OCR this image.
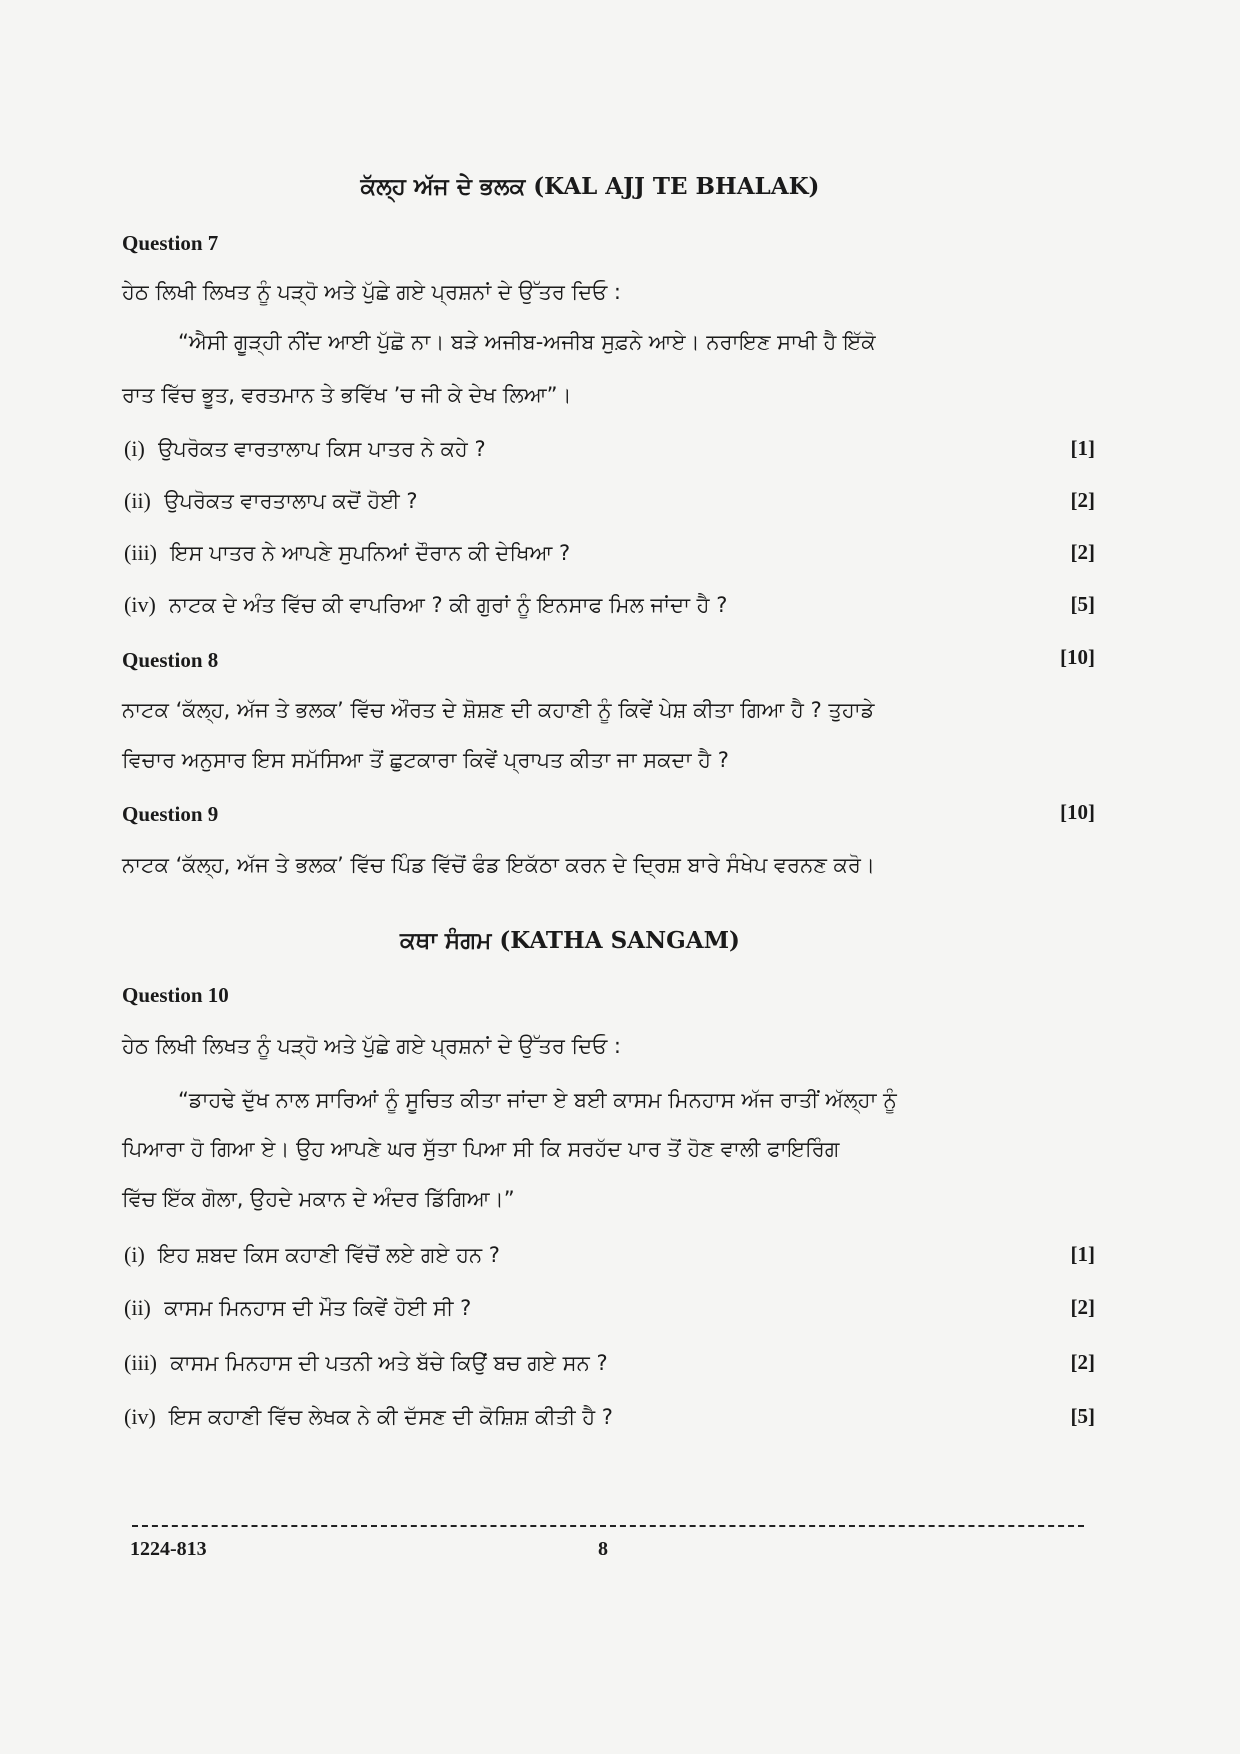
ਕੱਲ੍ਹ ਅੱਜ ਦੇ ਭਲਕ (KAL AJJ TE BHALAK)
Question 7
ਹੇਠ ਲਿਖੀ ਲਿਖਤ ਨੂੰ ਪੜ੍ਹੋ ਅਤੇ ਪੁੱਛੇ ਗਏ ਪ੍ਰਸ਼ਨਾਂ ਦੇ ਉੱਤਰ ਦਿਓ :
“ਐਸੀ ਗੂੜ੍ਹੀ ਨੀਂਦ ਆਈ ਪੁੱਛੋ ਨਾ। ਬੜੇ ਅਜੀਬ-ਅਜੀਬ ਸੁਫ਼ਨੇ ਆਏ। ਨਰਾਇਣ ਸਾਖੀ ਹੈ ਇੱਕੋ
ਰਾਤ ਵਿੱਚ ਭੂਤ, ਵਰਤਮਾਨ ਤੇ ਭਵਿੱਖ ’ਚ ਜੀ ਕੇ ਦੇਖ ਲਿਆ”।
(i) ਉਪਰੋਕਤ ਵਾਰਤਾਲਾਪ ਕਿਸ ਪਾਤਰ ਨੇ ਕਹੇ ?	[1]
(ii) ਉਪਰੋਕਤ ਵਾਰਤਾਲਾਪ ਕਦੋਂ ਹੋਈ ?	[2]
(iii) ਇਸ ਪਾਤਰ ਨੇ ਆਪਣੇ ਸੁਪਨਿਆਂ ਦੌਰਾਨ ਕੀ ਦੇਖਿਆ ?	[2]
(iv) ਨਾਟਕ ਦੇ ਅੰਤ ਵਿੱਚ ਕੀ ਵਾਪਰਿਆ ? ਕੀ ਗੁਰਾਂ ਨੂੰ ਇਨਸਾਫ ਮਿਲ ਜਾਂਦਾ ਹੈ ?	[5]
Question 8	[10]
ਨਾਟਕ ‘ਕੱਲ੍ਹ, ਅੱਜ ਤੇ ਭਲਕ’ ਵਿੱਚ ਔਰਤ ਦੇ ਸ਼ੋਸ਼ਣ ਦੀ ਕਹਾਣੀ ਨੂੰ ਕਿਵੇਂ ਪੇਸ਼ ਕੀਤਾ ਗਿਆ ਹੈ ? ਤੁਹਾਡੇ
ਵਿਚਾਰ ਅਨੁਸਾਰ ਇਸ ਸਮੱਸਿਆ ਤੋਂ ਛੁਟਕਾਰਾ ਕਿਵੇਂ ਪ੍ਰਾਪਤ ਕੀਤਾ ਜਾ ਸਕਦਾ ਹੈ ?
Question 9	[10]
ਨਾਟਕ ‘ਕੱਲ੍ਹ, ਅੱਜ ਤੇ ਭਲਕ’ ਵਿੱਚ ਪਿੰਡ ਵਿੱਚੋਂ ਫੰਡ ਇਕੱਠਾ ਕਰਨ ਦੇ ਦ੍ਰਿਸ਼ ਬਾਰੇ ਸੰਖੇਪ ਵਰਨਣ ਕਰੋ।
ਕਥਾ ਸੰਗਮ (KATHA SANGAM)
Question 10
ਹੇਠ ਲਿਖੀ ਲਿਖਤ ਨੂੰ ਪੜ੍ਹੋ ਅਤੇ ਪੁੱਛੇ ਗਏ ਪ੍ਰਸ਼ਨਾਂ ਦੇ ਉੱਤਰ ਦਿਓ :
“ਡਾਹਢੇ ਦੁੱਖ ਨਾਲ ਸਾਰਿਆਂ ਨੂੰ ਸੂਚਿਤ ਕੀਤਾ ਜਾਂਦਾ ਏ ਬਈ ਕਾਸਮ ਮਿਨਹਾਸ ਅੱਜ ਰਾਤੀਂ ਅੱਲ੍ਹਾ ਨੂੰ
ਪਿਆਰਾ ਹੋ ਗਿਆ ਏ। ਉਹ ਆਪਣੇ ਘਰ ਸੁੱਤਾ ਪਿਆ ਸੀ ਕਿ ਸਰਹੱਦ ਪਾਰ ਤੋਂ ਹੋਣ ਵਾਲੀ ਫਾਇਰਿੰਗ
ਵਿੱਚ ਇੱਕ ਗੋਲਾ, ਉਹਦੇ ਮਕਾਨ ਦੇ ਅੰਦਰ ਡਿੱਗਿਆ।”
(i) ਇਹ ਸ਼ਬਦ ਕਿਸ ਕਹਾਣੀ ਵਿੱਚੋਂ ਲਏ ਗਏ ਹਨ ?	[1]
(ii) ਕਾਸਮ ਮਿਨਹਾਸ ਦੀ ਮੌਤ ਕਿਵੇਂ ਹੋਈ ਸੀ ?	[2]
(iii) ਕਾਸਮ ਮਿਨਹਾਸ ਦੀ ਪਤਨੀ ਅਤੇ ਬੱਚੇ ਕਿਉਂ ਬਚ ਗਏ ਸਨ ?	[2]
(iv) ਇਸ ਕਹਾਣੀ ਵਿੱਚ ਲੇਖਕ ਨੇ ਕੀ ਦੱਸਣ ਦੀ ਕੋਸ਼ਿਸ਼ ਕੀਤੀ ਹੈ ?	[5]
1224-813	8
